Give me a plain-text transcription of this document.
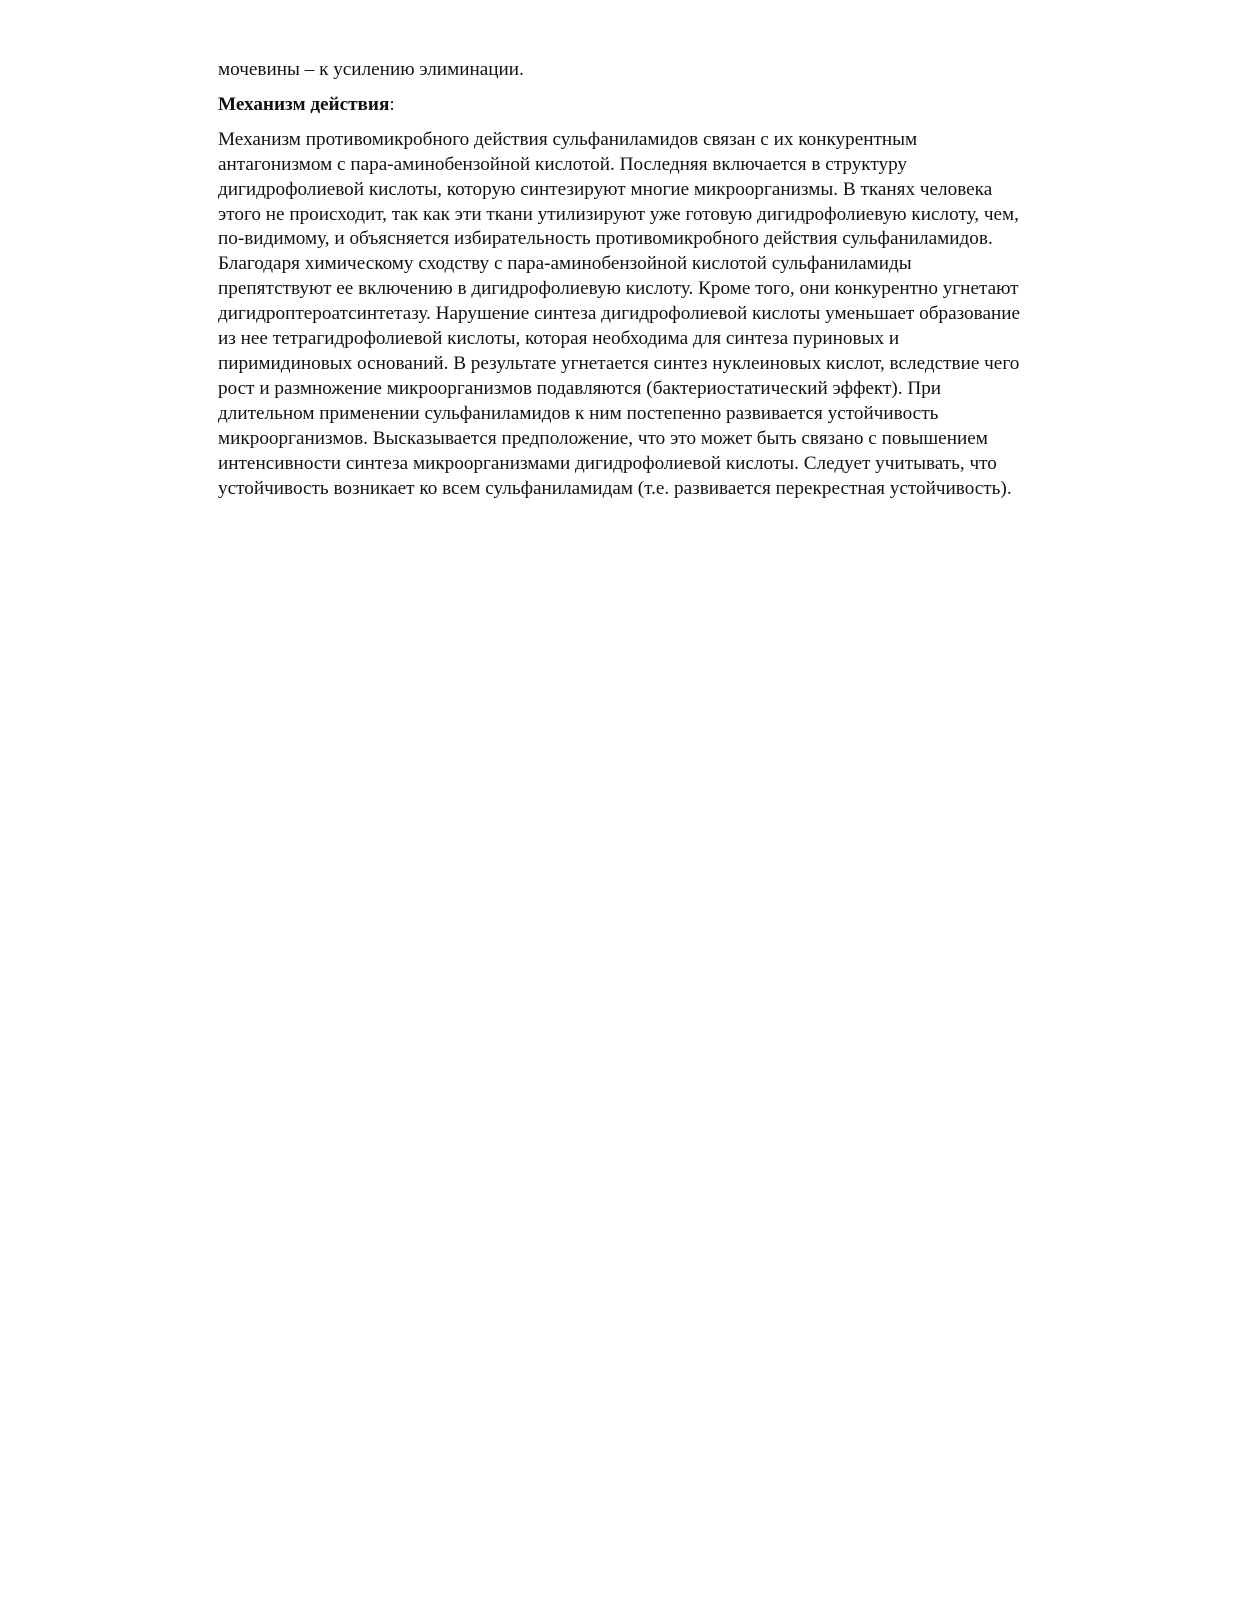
мочевины – к усилению элиминации.

Механизм действия:

Механизм противомикробного действия сульфаниламидов связан с их конкурентным
антагонизмом с пара-аминобензойной кислотой. Последняя включается в структуру
дигидрофолиевой кислоты, которую синтезируют многие микроорганизмы. В тканях человека
этого не происходит, так как эти ткани утилизируют уже готовую дигидрофолиевую кислоту, чем,
по-видимому, и объясняется избирательность противомикробного действия сульфаниламидов.
Благодаря химическому сходству с пара-аминобензойной кислотой сульфаниламиды
препятствуют ее включению в дигидрофолиевую кислоту. Кроме того, они конкурентно угнетают
дигидроптероатсинтетазу. Нарушение синтеза дигидрофолиевой кислоты уменьшает образование
из нее тетрагидрофолиевой кислоты, которая необходима для синтеза пуриновых и
пиримидиновых оснований. В результате угнетается синтез нуклеиновых кислот, вследствие чего
рост и размножение микроорганизмов подавляются (бактериостатический эффект). При
длительном применении сульфаниламидов к ним постепенно развивается устойчивость
микроорганизмов. Высказывается предположение, что это может быть связано с повышением
интенсивности синтеза микроорганизмами дигидрофолиевой кислоты. Следует учитывать, что
устойчивость возникает ко всем сульфаниламидам (т.е. развивается перекрестная устойчивость).
